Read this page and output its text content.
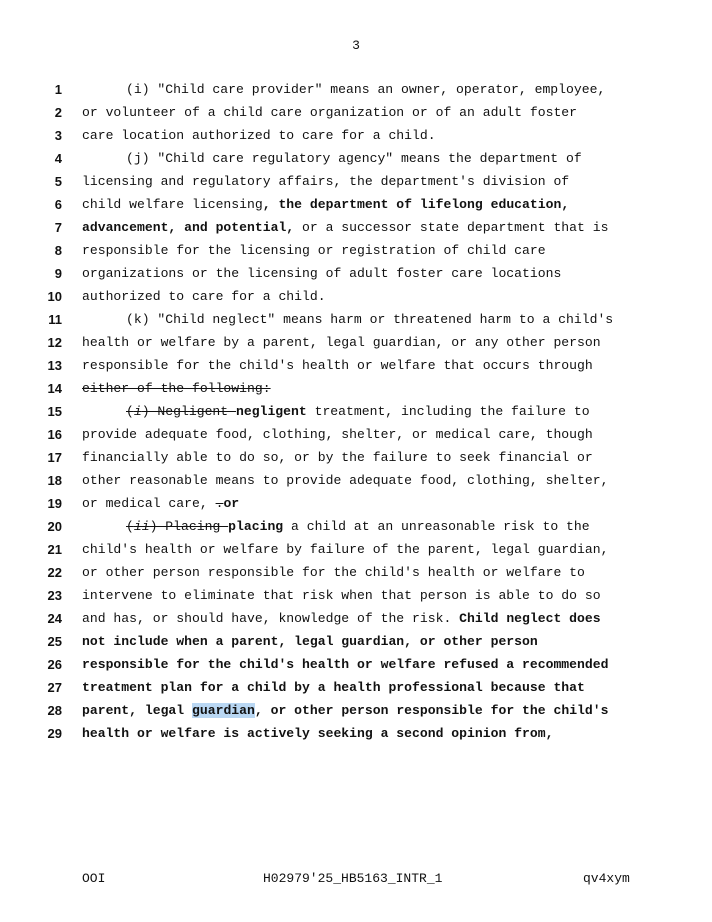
3
1	(i) "Child care provider" means an owner, operator, employee,
2 or volunteer of a child care organization or of an adult foster
3 care location authorized to care for a child.
4	(j) "Child care regulatory agency" means the department of
5 licensing and regulatory affairs, the department's division of
6 child welfare licensing, the department of lifelong education,
7 advancement, and potential, or a successor state department that is
8 responsible for the licensing or registration of child care
9 organizations or the licensing of adult foster care locations
10 authorized to care for a child.
11	(k) "Child neglect" means harm or threatened harm to a child's
12 health or welfare by a parent, legal guardian, or any other person
13 responsible for the child's health or welfare that occurs through
14 either of the following:
15	(i) Negligent negligent treatment, including the failure to
16 provide adequate food, clothing, shelter, or medical care, though
17 financially able to do so, or by the failure to seek financial or
18 other reasonable means to provide adequate food, clothing, shelter,
19 or medical care, .or
20	(ii) Placing placing a child at an unreasonable risk to the
21 child's health or welfare by failure of the parent, legal guardian,
22 or other person responsible for the child's health or welfare to
23 intervene to eliminate that risk when that person is able to do so
24 and has, or should have, knowledge of the risk. Child neglect does
25 not include when a parent, legal guardian, or other person
26 responsible for the child's health or welfare refused a recommended
27 treatment plan for a child by a health professional because that
28 parent, legal guardian, or other person responsible for the child's
29 health or welfare is actively seeking a second opinion from,
OOI	H02979'25_HB5163_INTR_1	qv4xym
